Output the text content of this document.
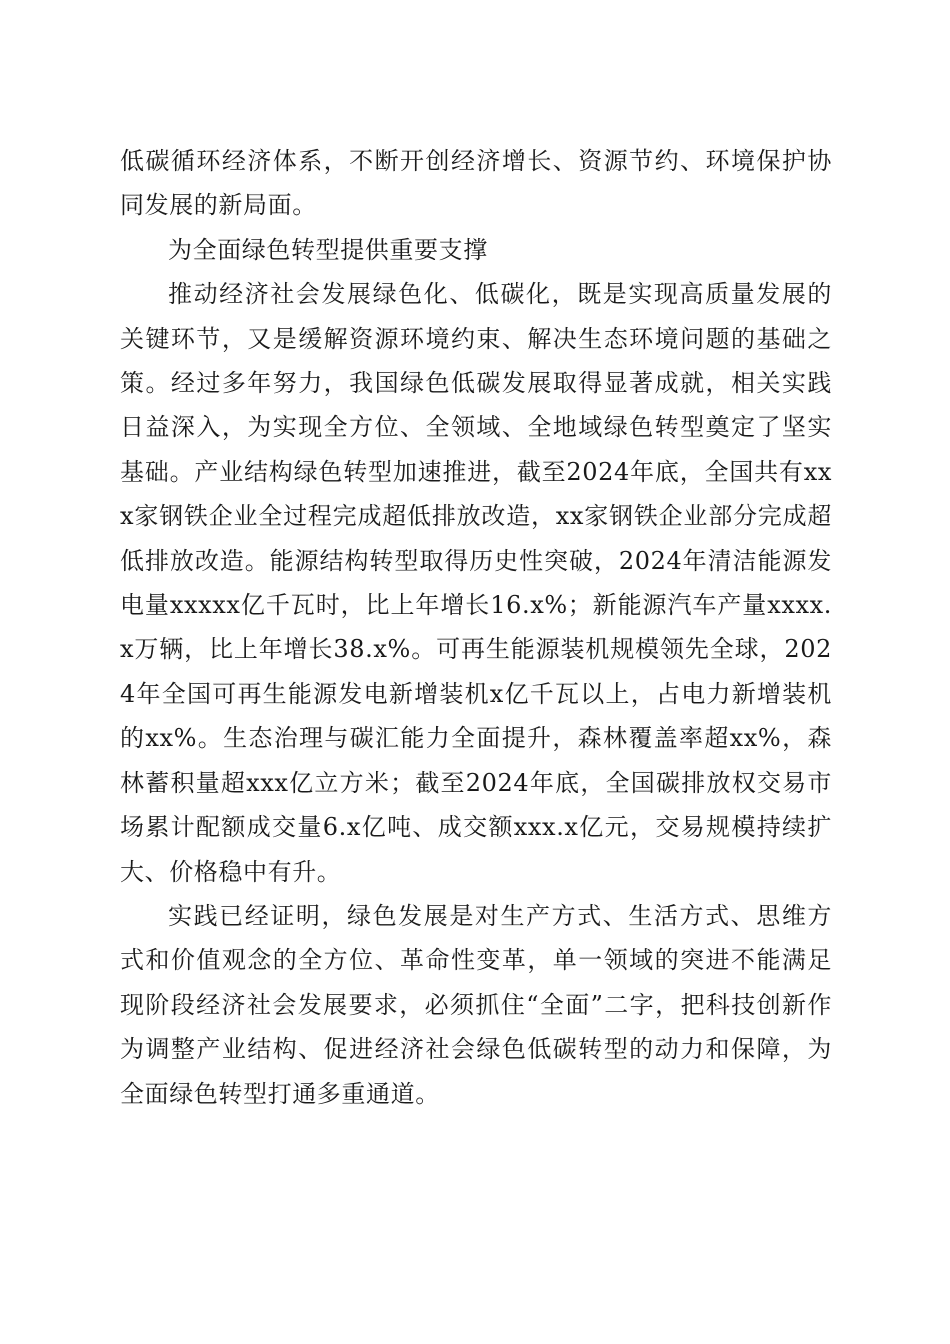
低碳循环经济体系，不断开创经济增长、资源节约、环境保护协同发展的新局面。

为全面绿色转型提供重要支撑

推动经济社会发展绿色化、低碳化，既是实现高质量发展的关键环节，又是缓解资源环境约束、解决生态环境问题的基础之策。经过多年努力，我国绿色低碳发展取得显著成就，相关实践日益深入，为实现全方位、全领域、全地域绿色转型奠定了坚实基础。产业结构绿色转型加速推进，截至2024年底，全国共有xxx家钢铁企业全过程完成超低排放改造，xx家钢铁企业部分完成超低排放改造。能源结构转型取得历史性突破，2024年清洁能源发电量xxxxx亿千瓦时，比上年增长16.x%；新能源汽车产量xxxx.x万辆，比上年增长38.x%。可再生能源装机规模领先全球，2024年全国可再生能源发电新增装机x亿千瓦以上，占电力新增装机的xx%。生态治理与碳汇能力全面提升，森林覆盖率超xx%，森林蓄积量超xxx亿立方米；截至2024年底，全国碳排放权交易市场累计配额成交量6.x亿吨、成交额xxx.x亿元，交易规模持续扩大、价格稳中有升。

实践已经证明，绿色发展是对生产方式、生活方式、思维方式和价值观念的全方位、革命性变革，单一领域的突进不能满足现阶段经济社会发展要求，必须抓住“全面”二字，把科技创新作为调整产业结构、促进经济社会绿色低碳转型的动力和保障，为全面绿色转型打通多重通道。
